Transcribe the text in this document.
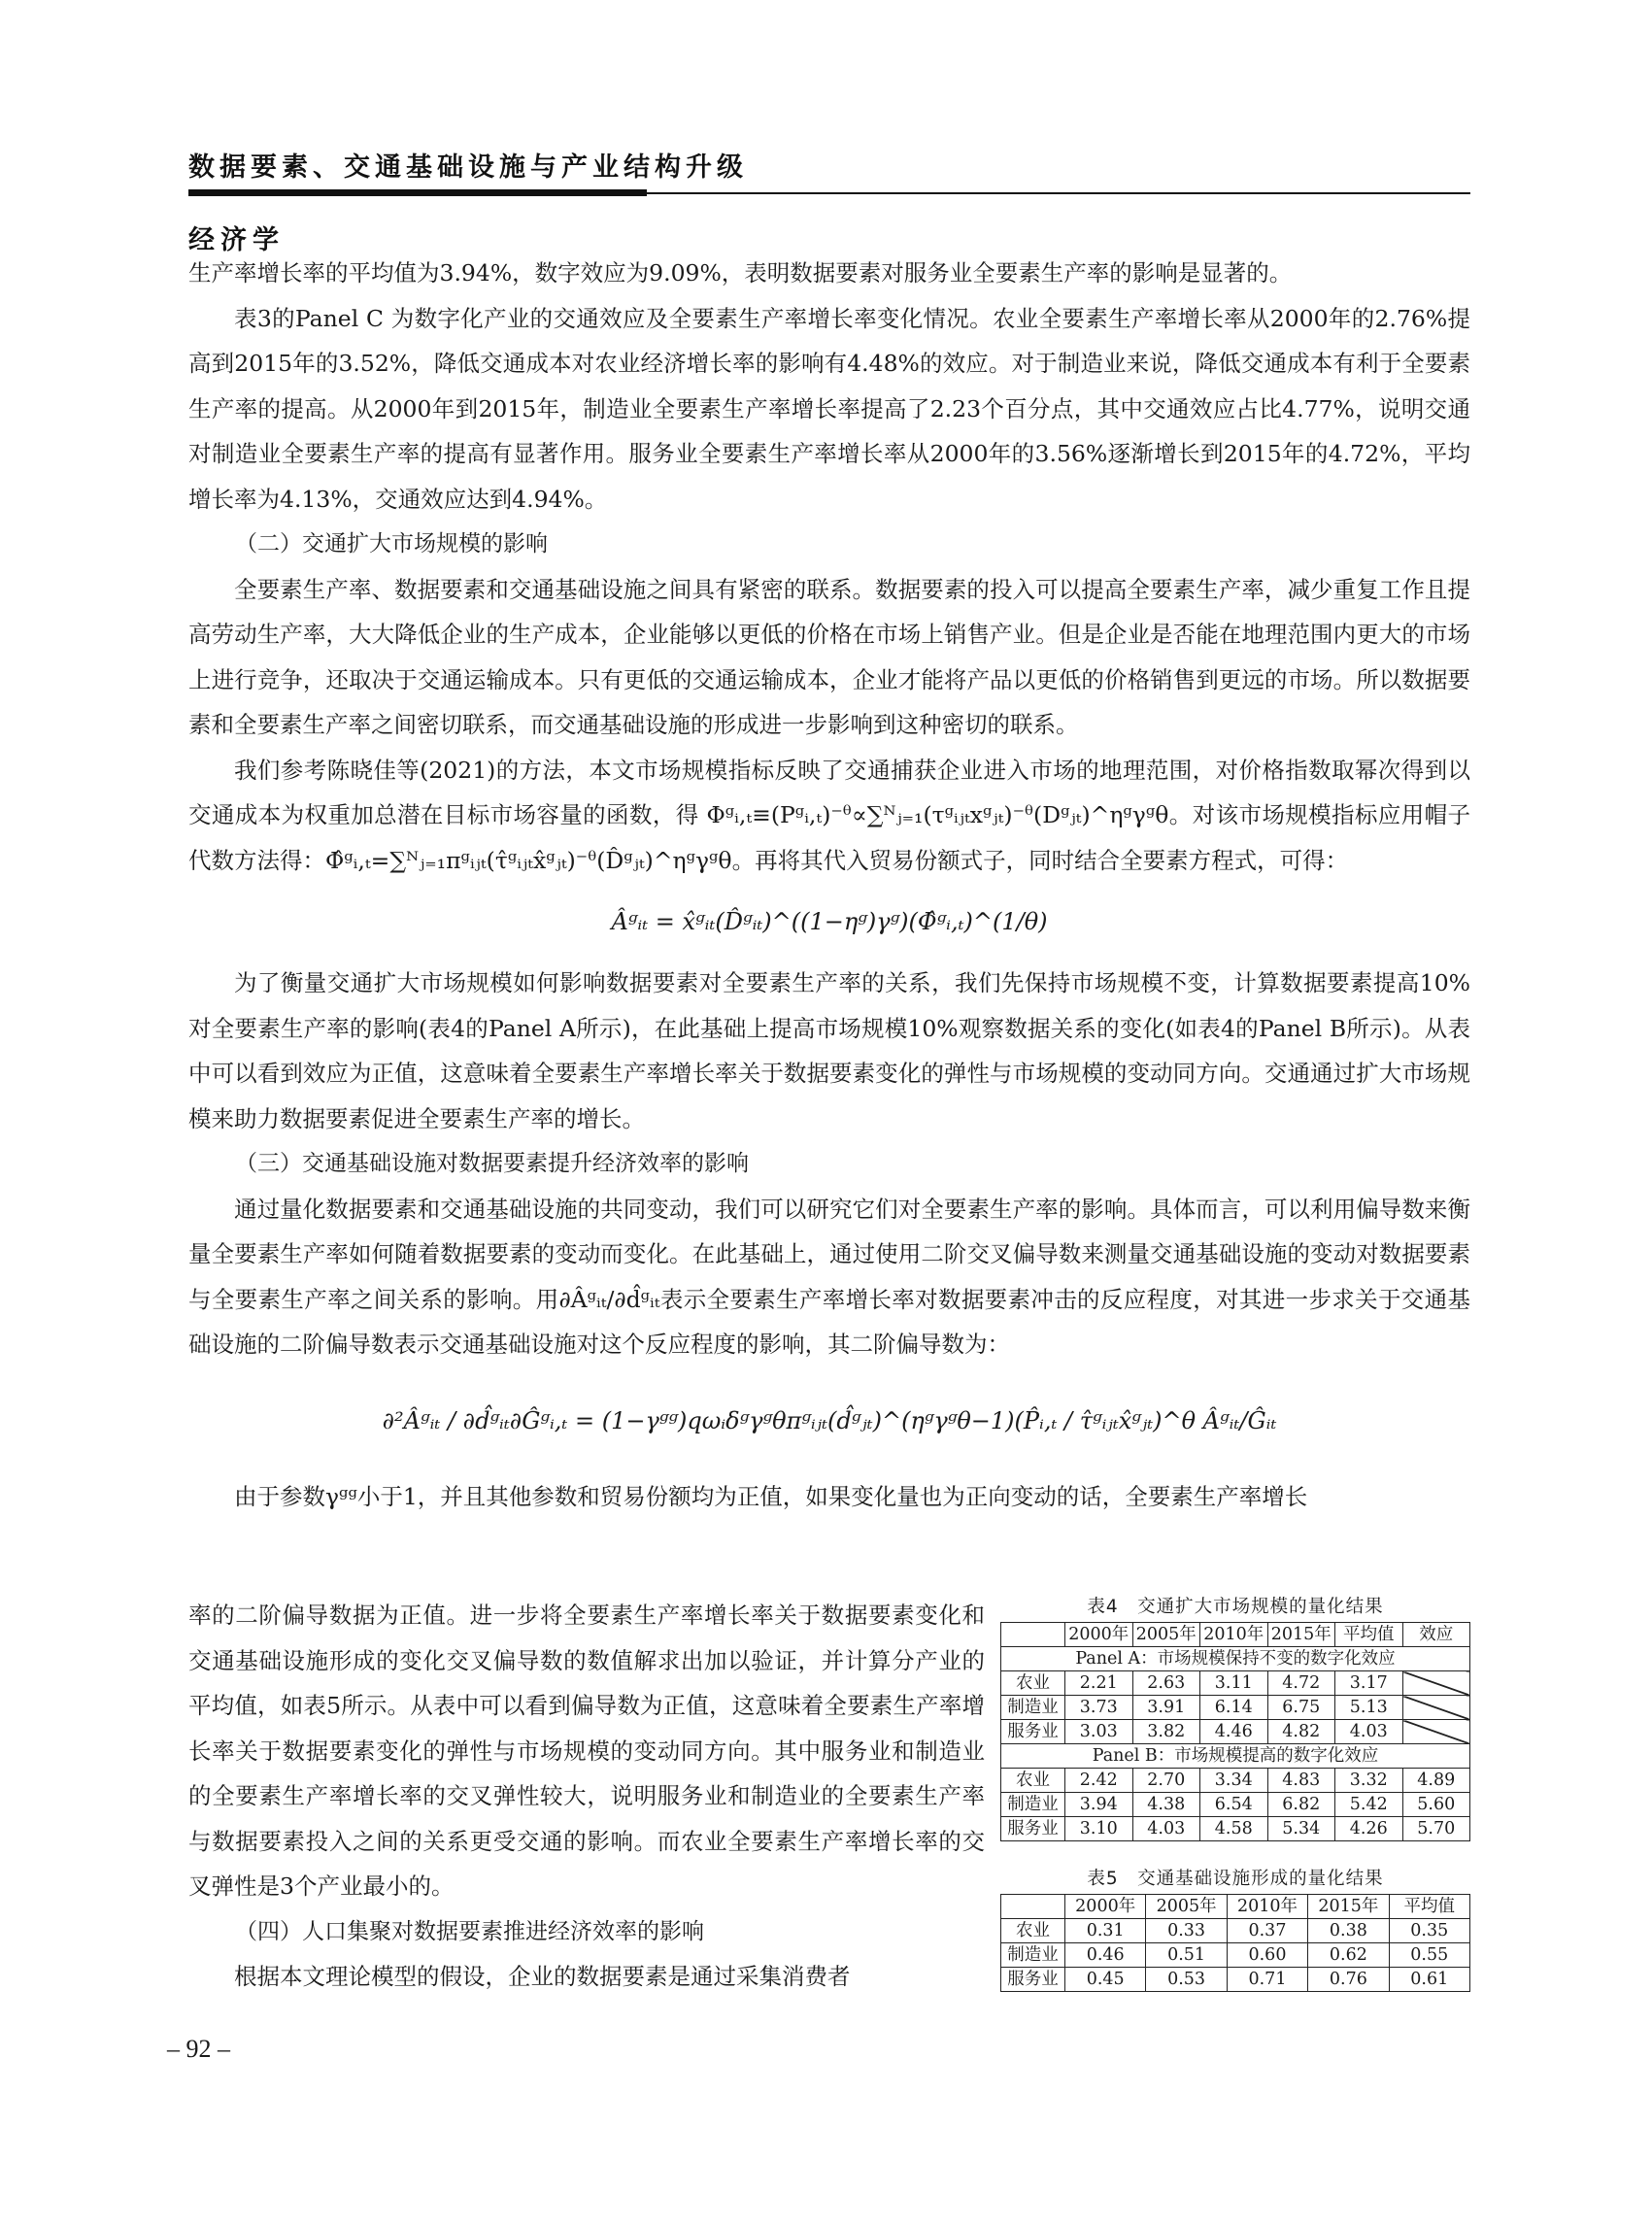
数据要素、交通基础设施与产业结构升级
经济学

生产率增长率的平均值为3.94%，数字效应为9.09%，表明数据要素对服务业全要素生产率的影响是显著的。

表3的Panel C 为数字化产业的交通效应及全要素生产率增长率变化情况。农业全要素生产率增长率从2000年的2.76%提高到2015年的3.52%，降低交通成本对农业经济增长率的影响有4.48%的效应。对于制造业来说，降低交通成本有利于全要素生产率的提高。从2000年到2015年，制造业全要素生产率增长率提高了2.23个百分点，其中交通效应占比4.77%，说明交通对制造业全要素生产率的提高有显著作用。服务业全要素生产率增长率从2000年的3.56%逐渐增长到2015年的4.72%，平均增长率为4.13%，交通效应达到4.94%。

（二）交通扩大市场规模的影响

全要素生产率、数据要素和交通基础设施之间具有紧密的联系。数据要素的投入可以提高全要素生产率，减少重复工作且提高劳动生产率，大大降低企业的生产成本，企业能够以更低的价格在市场上销售产业。但是企业是否能在地理范围内更大的市场上进行竞争，还取决于交通运输成本。只有更低的交通运输成本，企业才能将产品以更低的价格销售到更远的市场。所以数据要素和全要素生产率之间密切联系，而交通基础设施的形成进一步影响到这种密切的联系。

我们参考陈晓佳等(2021)的方法，本文市场规模指标反映了交通捕获企业进入市场的地理范围，对价格指数取幂次得到以交通成本为权重加总潜在目标市场容量的函数，得 Φᵍᵢ,ₜ≡(Pᵍᵢ,ₜ)⁻ᶿ∝∑ᴺⱼ₌₁(τᵍᵢⱼₜxᵍⱼₜ)⁻ᶿ(Dᵍⱼₜ)^ηᵍγᵍθ。对该市场规模指标应用帽子代数方法得：Φ̂ᵍᵢ,ₜ=∑ᴺⱼ₌₁πᵍᵢⱼₜ(τ̂ᵍᵢⱼₜx̂ᵍⱼₜ)⁻ᶿ(D̂ᵍⱼₜ)^ηᵍγᵍθ。再将其代入贸易份额式子，同时结合全要素方程式，可得：

Âᵍᵢₜ = x̂ᵍᵢₜ(D̂ᵍᵢₜ)^((1−ηᵍ)γᵍ)(Φ̂ᵍᵢ,ₜ)^(1/θ)

为了衡量交通扩大市场规模如何影响数据要素对全要素生产率的关系，我们先保持市场规模不变，计算数据要素提高10%对全要素生产率的影响(表4的Panel A所示)，在此基础上提高市场规模10%观察数据关系的变化(如表4的Panel B所示)。从表中可以看到效应为正值，这意味着全要素生产率增长率关于数据要素变化的弹性与市场规模的变动同方向。交通通过扩大市场规模来助力数据要素促进全要素生产率的增长。

（三）交通基础设施对数据要素提升经济效率的影响

通过量化数据要素和交通基础设施的共同变动，我们可以研究它们对全要素生产率的影响。具体而言，可以利用偏导数来衡量全要素生产率如何随着数据要素的变动而变化。在此基础上，通过使用二阶交叉偏导数来测量交通基础设施的变动对数据要素与全要素生产率之间关系的影响。用∂Âᵍᵢₜ/∂d̂ᵍᵢₜ表示全要素生产率增长率对数据要素冲击的反应程度，对其进一步求关于交通基础设施的二阶偏导数表示交通基础设施对这个反应程度的影响，其二阶偏导数为：

∂²Âᵍᵢₜ / ∂d̂ᵍᵢₜ∂Ĝᵍᵢ,ₜ = (1−γᵍᵍ)qωᵢδᵍγᵍθπᵍᵢⱼₜ(d̂ᵍⱼₜ)^(ηᵍγᵍθ−1)(P̂ᵢ,ₜ / τ̂ᵍᵢⱼₜx̂ᵍⱼₜ)^θ Âᵍᵢₜ/Ĝᵢₜ

由于参数γᵍᵍ小于1，并且其他参数和贸易份额均为正值，如果变化量也为正向变动的话，全要素生产率增长

率的二阶偏导数据为正值。进一步将全要素生产率增长率关于数据要素变化和交通基础设施形成的变化交叉偏导数的数值解求出加以验证，并计算分产业的平均值，如表5所示。从表中可以看到偏导数为正值，这意味着全要素生产率增长率关于数据要素变化的弹性与市场规模的变动同方向。其中服务业和制造业的全要素生产率增长率的交叉弹性较大，说明服务业和制造业的全要素生产率与数据要素投入之间的关系更受交通的影响。而农业全要素生产率增长率的交叉弹性是3个产业最小的。

（四）人口集聚对数据要素推进经济效率的影响

根据本文理论模型的假设，企业的数据要素是通过采集消费者

表4　交通扩大市场规模的量化结果
	2000年	2005年	2010年	2015年	平均值	效应
Panel A：市场规模保持不变的数字化效应						
农业	2.21	2.63	3.11	4.72	3.17	
制造业	3.73	3.91	6.14	6.75	5.13	
服务业	3.03	3.82	4.46	4.82	4.03	
Panel B：市场规模提高的数字化效应						
农业	2.42	2.70	3.34	4.83	3.32	4.89
制造业	3.94	4.38	6.54	6.82	5.42	5.60
服务业	3.10	4.03	4.58	5.34	4.26	5.70
表5　交通基础设施形成的量化结果
	2000年	2005年	2010年	2015年	平均值
农业	0.31	0.33	0.37	0.38	0.35
制造业	0.46	0.51	0.60	0.62	0.55
服务业	0.45	0.53	0.71	0.76	0.61
– 92 –
